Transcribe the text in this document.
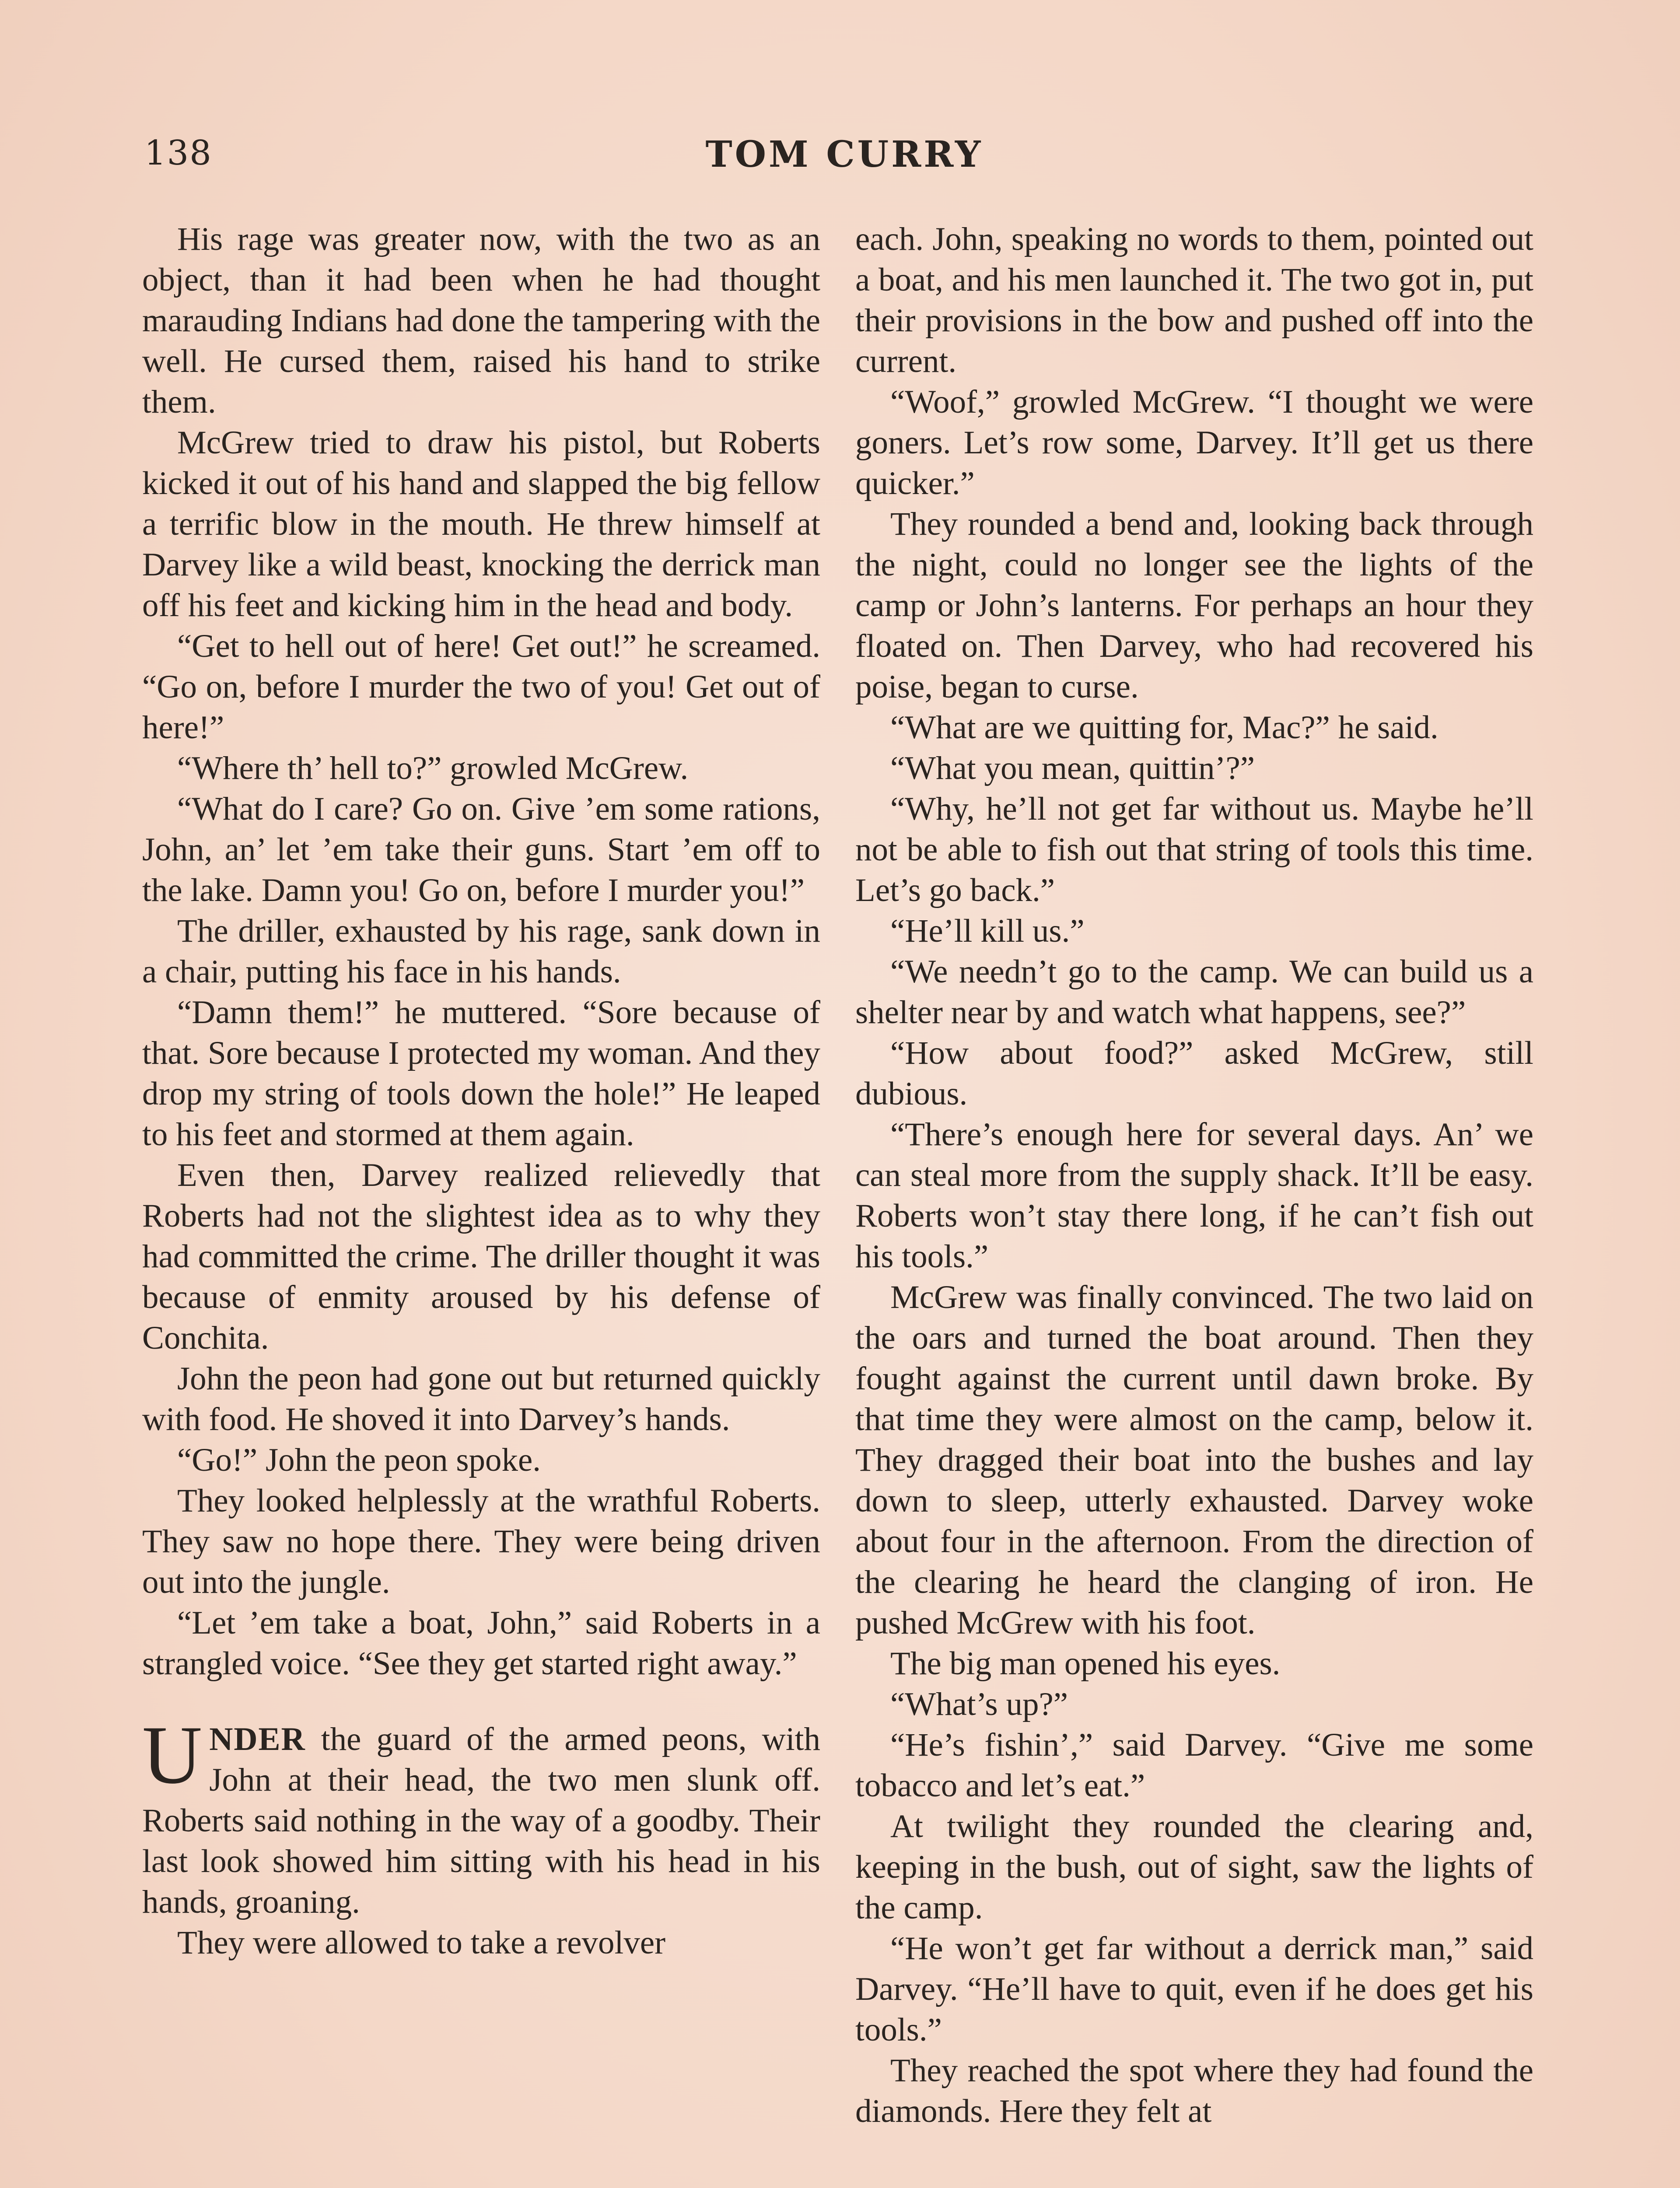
138	TOM CURRY

His rage was greater now, with the two as an object, than it had been when he had thought marauding Indians had done the tampering with the well. He cursed them, raised his hand to strike them.

McGrew tried to draw his pistol, but Roberts kicked it out of his hand and slapped the big fellow a terrific blow in the mouth. He threw himself at Darvey like a wild beast, knocking the derrick man off his feet and kicking him in the head and body.

“Get to hell out of here! Get out!” he screamed. “Go on, before I murder the two of you! Get out of here!”

“Where th’ hell to?” growled McGrew.

“What do I care? Go on. Give ’em some rations, John, an’ let ’em take their guns. Start ’em off to the lake. Damn you! Go on, before I murder you!”

The driller, exhausted by his rage, sank down in a chair, putting his face in his hands.

“Damn them!” he muttered. “Sore because of that. Sore because I protected my woman. And they drop my string of tools down the hole!” He leaped to his feet and stormed at them again.

Even then, Darvey realized relievedly that Roberts had not the slightest idea as to why they had committed the crime. The driller thought it was because of enmity aroused by his defense of Conchita.

John the peon had gone out but returned quickly with food. He shoved it into Darvey’s hands.

“Go!” John the peon spoke.

They looked helplessly at the wrathful Roberts. They saw no hope there. They were being driven out into the jungle.

“Let ’em take a boat, John,” said Roberts in a strangled voice. “See they get started right away.”

UNDER the guard of the armed peons, with John at their head, the two men slunk off. Roberts said nothing in the way of a goodby. Their last look showed him sitting with his head in his hands, groaning.

They were allowed to take a revolver

each. John, speaking no words to them, pointed out a boat, and his men launched it. The two got in, put their provisions in the bow and pushed off into the current.

“Woof,” growled McGrew. “I thought we were goners. Let’s row some, Darvey. It’ll get us there quicker.”

They rounded a bend and, looking back through the night, could no longer see the lights of the camp or John’s lanterns. For perhaps an hour they floated on. Then Darvey, who had recovered his poise, began to curse.

“What are we quitting for, Mac?” he said.

“What you mean, quittin’?”

“Why, he’ll not get far without us. Maybe he’ll not be able to fish out that string of tools this time. Let’s go back.”

“He’ll kill us.”

“We needn’t go to the camp. We can build us a shelter near by and watch what happens, see?”

“How about food?” asked McGrew, still dubious.

“There’s enough here for several days. An’ we can steal more from the supply shack. It’ll be easy. Roberts won’t stay there long, if he can’t fish out his tools.”

McGrew was finally convinced. The two laid on the oars and turned the boat around. Then they fought against the current until dawn broke. By that time they were almost on the camp, below it. They dragged their boat into the bushes and lay down to sleep, utterly exhausted. Darvey woke about four in the afternoon. From the direction of the clearing he heard the clanging of iron. He pushed McGrew with his foot.

The big man opened his eyes.

“What’s up?”

“He’s fishin’,” said Darvey. “Give me some tobacco and let’s eat.”

At twilight they rounded the clearing and, keeping in the bush, out of sight, saw the lights of the camp.

“He won’t get far without a derrick man,” said Darvey. “He’ll have to quit, even if he does get his tools.”

They reached the spot where they had found the diamonds. Here they felt at
